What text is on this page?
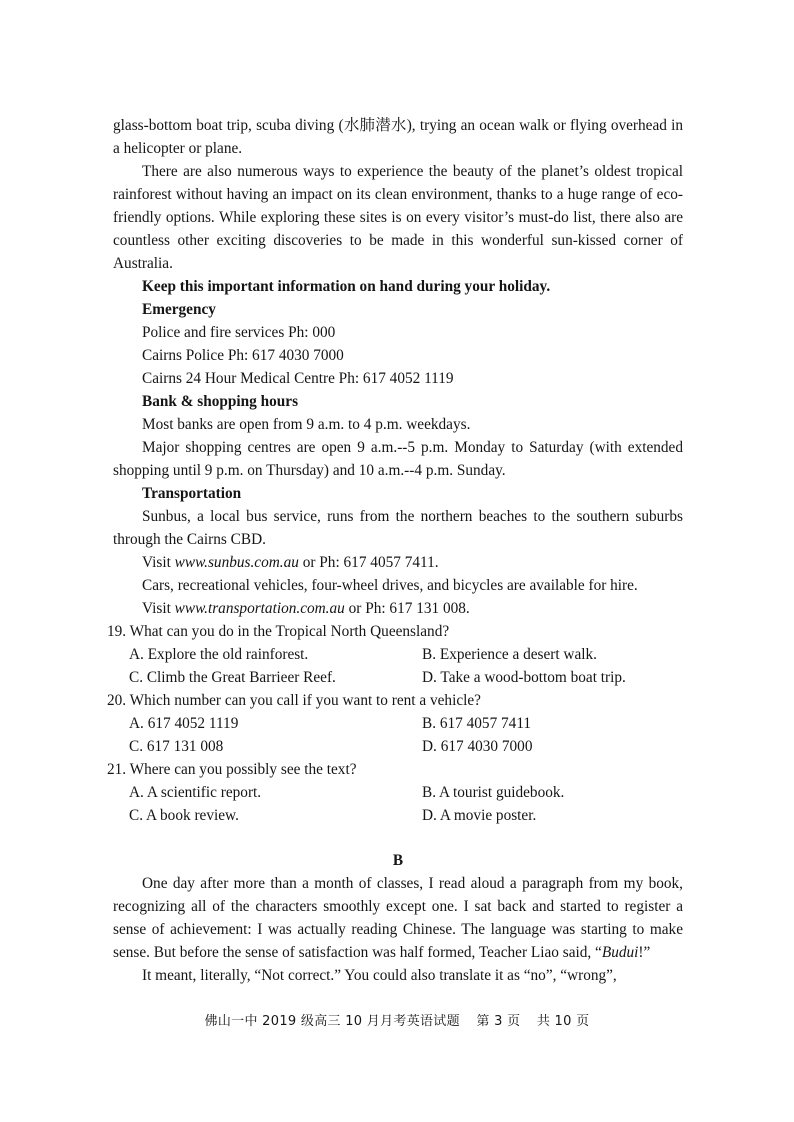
glass-bottom boat trip, scuba diving (水肺潜水), trying an ocean walk or flying overhead in a helicopter or plane.

There are also numerous ways to experience the beauty of the planet’s oldest tropical rainforest without having an impact on its clean environment, thanks to a huge range of eco-friendly options. While exploring these sites is on every visitor’s must-do list, there also are countless other exciting discoveries to be made in this wonderful sun-kissed corner of Australia.

Keep this important information on hand during your holiday.

Emergency

Police and fire services Ph: 000

Cairns Police Ph: 617 4030 7000

Cairns 24 Hour Medical Centre Ph: 617 4052 1119

Bank & shopping hours

Most banks are open from 9 a.m. to 4 p.m. weekdays.

Major shopping centres are open 9 a.m.--5 p.m. Monday to Saturday (with extended shopping until 9 p.m. on Thursday) and 10 a.m.--4 p.m. Sunday.

Transportation

Sunbus, a local bus service, runs from the northern beaches to the southern suburbs through the Cairns CBD.

Visit www.sunbus.com.au or Ph: 617 4057 7411.

Cars, recreational vehicles, four-wheel drives, and bicycles are available for hire.

Visit www.transportation.com.au or Ph: 617 131 008.

19. What can you do in the Tropical North Queensland?

A. Explore the old rainforest.	B. Experience a desert walk.
C. Climb the Great Barrieer Reef.	D. Take a wood-bottom boat trip.

20. Which number can you call if you want to rent a vehicle?

A. 617 4052 1119	B. 617 4057 7411
C. 617 131 008	D. 617 4030 7000

21. Where can you possibly see the text?

A. A scientific report.	B. A tourist guidebook.
C. A book review.	D. A movie poster.

B

One day after more than a month of classes, I read aloud a paragraph from my book, recognizing all of the characters smoothly except one. I sat back and started to register a sense of achievement: I was actually reading Chinese. The language was starting to make sense. But before the sense of satisfaction was half formed, Teacher Liao said, “Budui!”

It meant, literally, “Not correct.” You could also translate it as “no”, “wrong”,

佛山一中 2019 级高三 10 月月考英语试题 第 3 页 共 10 页
